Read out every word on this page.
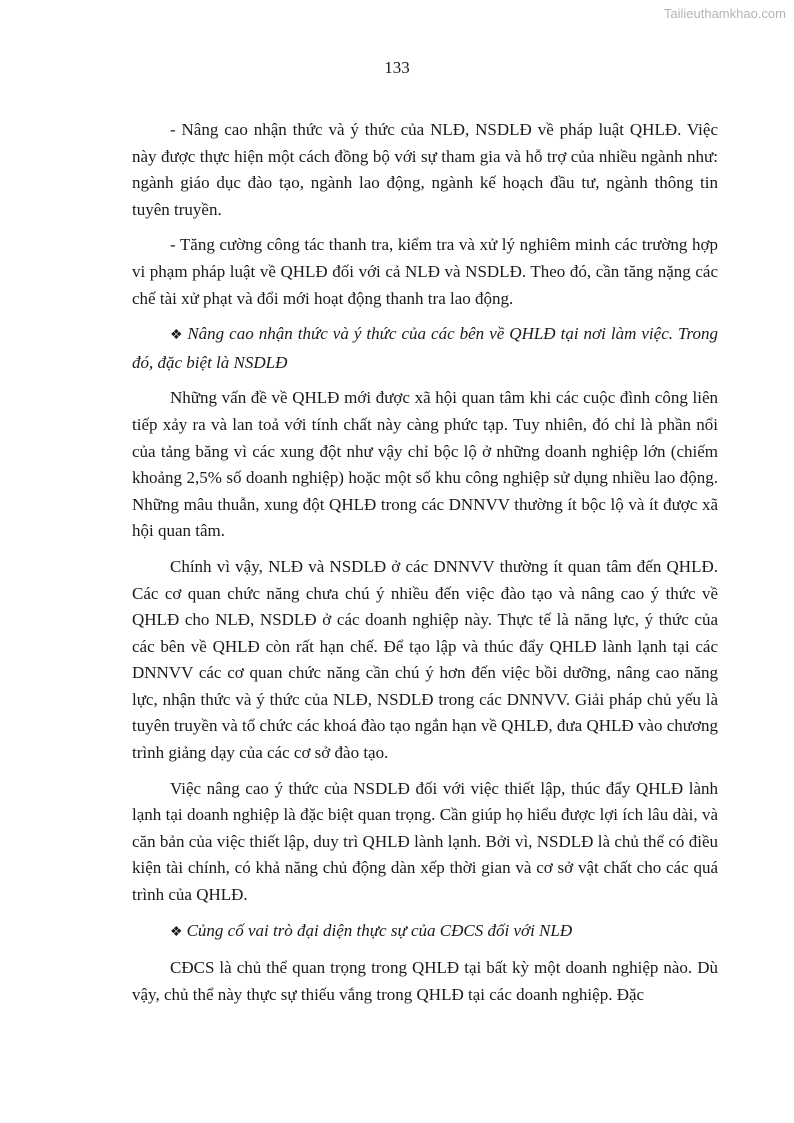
Tailieuthamkhao.com
133

- Nâng cao nhận thức và ý thức của NLĐ, NSDLĐ về pháp luật QHLĐ. Việc này được thực hiện một cách đồng bộ với sự tham gia và hỗ trợ của nhiều ngành như: ngành giáo dục đào tạo, ngành lao động, ngành kế hoạch đầu tư, ngành thông tin tuyên truyền.

- Tăng cường công tác thanh tra, kiểm tra và xử lý nghiêm minh các trường hợp vi phạm pháp luật về QHLĐ đối với cả NLĐ và NSDLĐ. Theo đó, cần tăng nặng các chế tài xử phạt và đổi mới hoạt động thanh tra lao động.

❖ Nâng cao nhận thức và ý thức của các bên về QHLĐ tại nơi làm việc. Trong đó, đặc biệt là NSDLĐ

Những vấn đề về QHLĐ mới được xã hội quan tâm khi các cuộc đình công liên tiếp xảy ra và lan toả với tính chất này càng phức tạp. Tuy nhiên, đó chỉ là phần nổi của tảng băng vì các xung đột như vậy chỉ bộc lộ ở những doanh nghiệp lớn (chiếm khoảng 2,5% số doanh nghiệp) hoặc một số khu công nghiệp sử dụng nhiều lao động. Những mâu thuẫn, xung đột QHLĐ trong các DNNVV thường ít bộc lộ và ít được xã hội quan tâm.

Chính vì vậy, NLĐ và NSDLĐ ở các DNNVV thường ít quan tâm đến QHLĐ. Các cơ quan chức năng chưa chú ý nhiều đến việc đào tạo và nâng cao ý thức về QHLĐ cho NLĐ, NSDLĐ ở các doanh nghiệp này. Thực tế là năng lực, ý thức của các bên về QHLĐ còn rất hạn chế. Để tạo lập và thúc đẩy QHLĐ lành lạnh tại các DNNVV các cơ quan chức năng cần chú ý hơn đến việc bồi dưỡng, nâng cao năng lực, nhận thức và ý thức của NLĐ, NSDLĐ trong các DNNVV. Giải pháp chủ yếu là tuyên truyền và tổ chức các khoá đào tạo ngắn hạn về QHLĐ, đưa QHLĐ vào chương trình giảng dạy của các cơ sở đào tạo.

Việc nâng cao ý thức của NSDLĐ đối với việc thiết lập, thúc đẩy QHLĐ lành lạnh tại doanh nghiệp là đặc biệt quan trọng. Cần giúp họ hiểu được lợi ích lâu dài, và căn bản của việc thiết lập, duy trì QHLĐ lành lạnh. Bởi vì, NSDLĐ là chủ thể có điều kiện tài chính, có khả năng chủ động dàn xếp thời gian và cơ sở vật chất cho các quá trình của QHLĐ.

❖ Củng cố vai trò đại diện thực sự của CĐCS đối với NLĐ

CĐCS là chủ thể quan trọng trong QHLĐ tại bất kỳ một doanh nghiệp nào. Dù vậy, chủ thể này thực sự thiếu vắng trong QHLĐ tại các doanh nghiệp. Đặc
